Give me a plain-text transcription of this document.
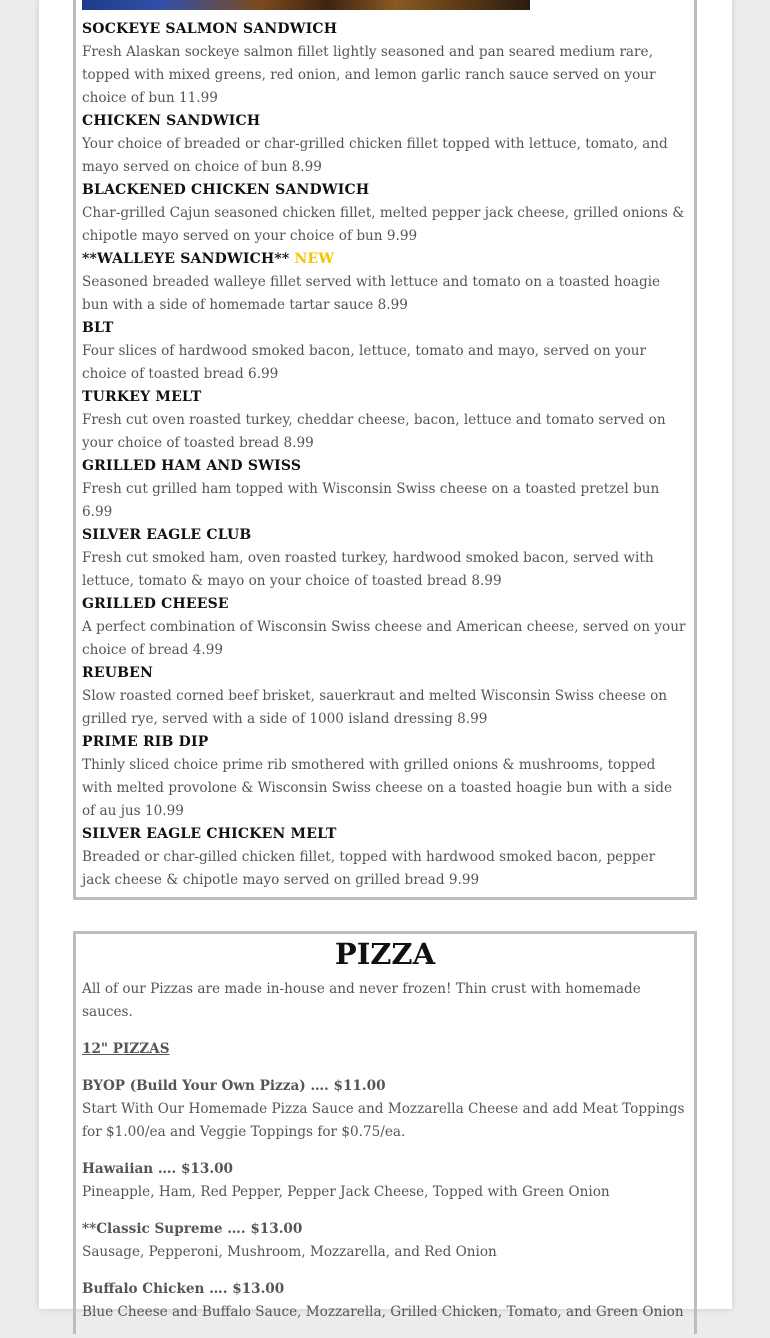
SOCKEYE SALMON SANDWICH

Fresh Alaskan sockeye salmon fillet lightly seasoned and pan seared medium rare, topped with mixed greens, red onion, and lemon garlic ranch sauce served on your choice of bun 11.99

CHICKEN SANDWICH

Your choice of breaded or char-grilled chicken fillet topped with lettuce, tomato, and mayo served on choice of bun 8.99

BLACKENED CHICKEN SANDWICH

Char-grilled Cajun seasoned chicken fillet, melted pepper jack cheese, grilled onions & chipotle mayo served on your choice of bun 9.99

**WALLEYE SANDWICH** NEW

Seasoned breaded walleye fillet served with lettuce and tomato on a toasted hoagie bun with a side of homemade tartar sauce 8.99

BLT

Four slices of hardwood smoked bacon, lettuce, tomato and mayo, served on your choice of toasted bread 6.99

TURKEY MELT

Fresh cut oven roasted turkey, cheddar cheese, bacon, lettuce and tomato served on your choice of toasted bread 8.99

GRILLED HAM AND SWISS

Fresh cut grilled ham topped with Wisconsin Swiss cheese on a toasted pretzel bun 6.99

SILVER EAGLE CLUB

Fresh cut smoked ham, oven roasted turkey, hardwood smoked bacon, served with lettuce, tomato & mayo on your choice of toasted bread 8.99

GRILLED CHEESE

A perfect combination of Wisconsin Swiss cheese and American cheese, served on your choice of bread 4.99

REUBEN

Slow roasted corned beef brisket, sauerkraut and melted Wisconsin Swiss cheese on grilled rye, served with a side of 1000 island dressing 8.99

PRIME RIB DIP

Thinly sliced choice prime rib smothered with grilled onions & mushrooms, topped with melted provolone & Wisconsin Swiss cheese on a toasted hoagie bun with a side of au jus 10.99

SILVER EAGLE CHICKEN MELT

Breaded or char-gilled chicken fillet, topped with hardwood smoked bacon, pepper jack cheese & chipotle mayo served on grilled bread 9.99

PIZZA

All of our Pizzas are made in-house and never frozen! Thin crust with homemade sauces.

12" PIZZAS

BYOP (Build Your Own Pizza) …. $11.00

Start With Our Homemade Pizza Sauce and Mozzarella Cheese and add Meat Toppings for $1.00/ea and Veggie Toppings for $0.75/ea.

Hawaiian …. $13.00

Pineapple, Ham, Red Pepper, Pepper Jack Cheese, Topped with Green Onion

**Classic Supreme …. $13.00

Sausage, Pepperoni, Mushroom, Mozzarella, and Red Onion

Buffalo Chicken …. $13.00

Blue Cheese and Buffalo Sauce, Mozzarella, Grilled Chicken, Tomato, and Green Onion
